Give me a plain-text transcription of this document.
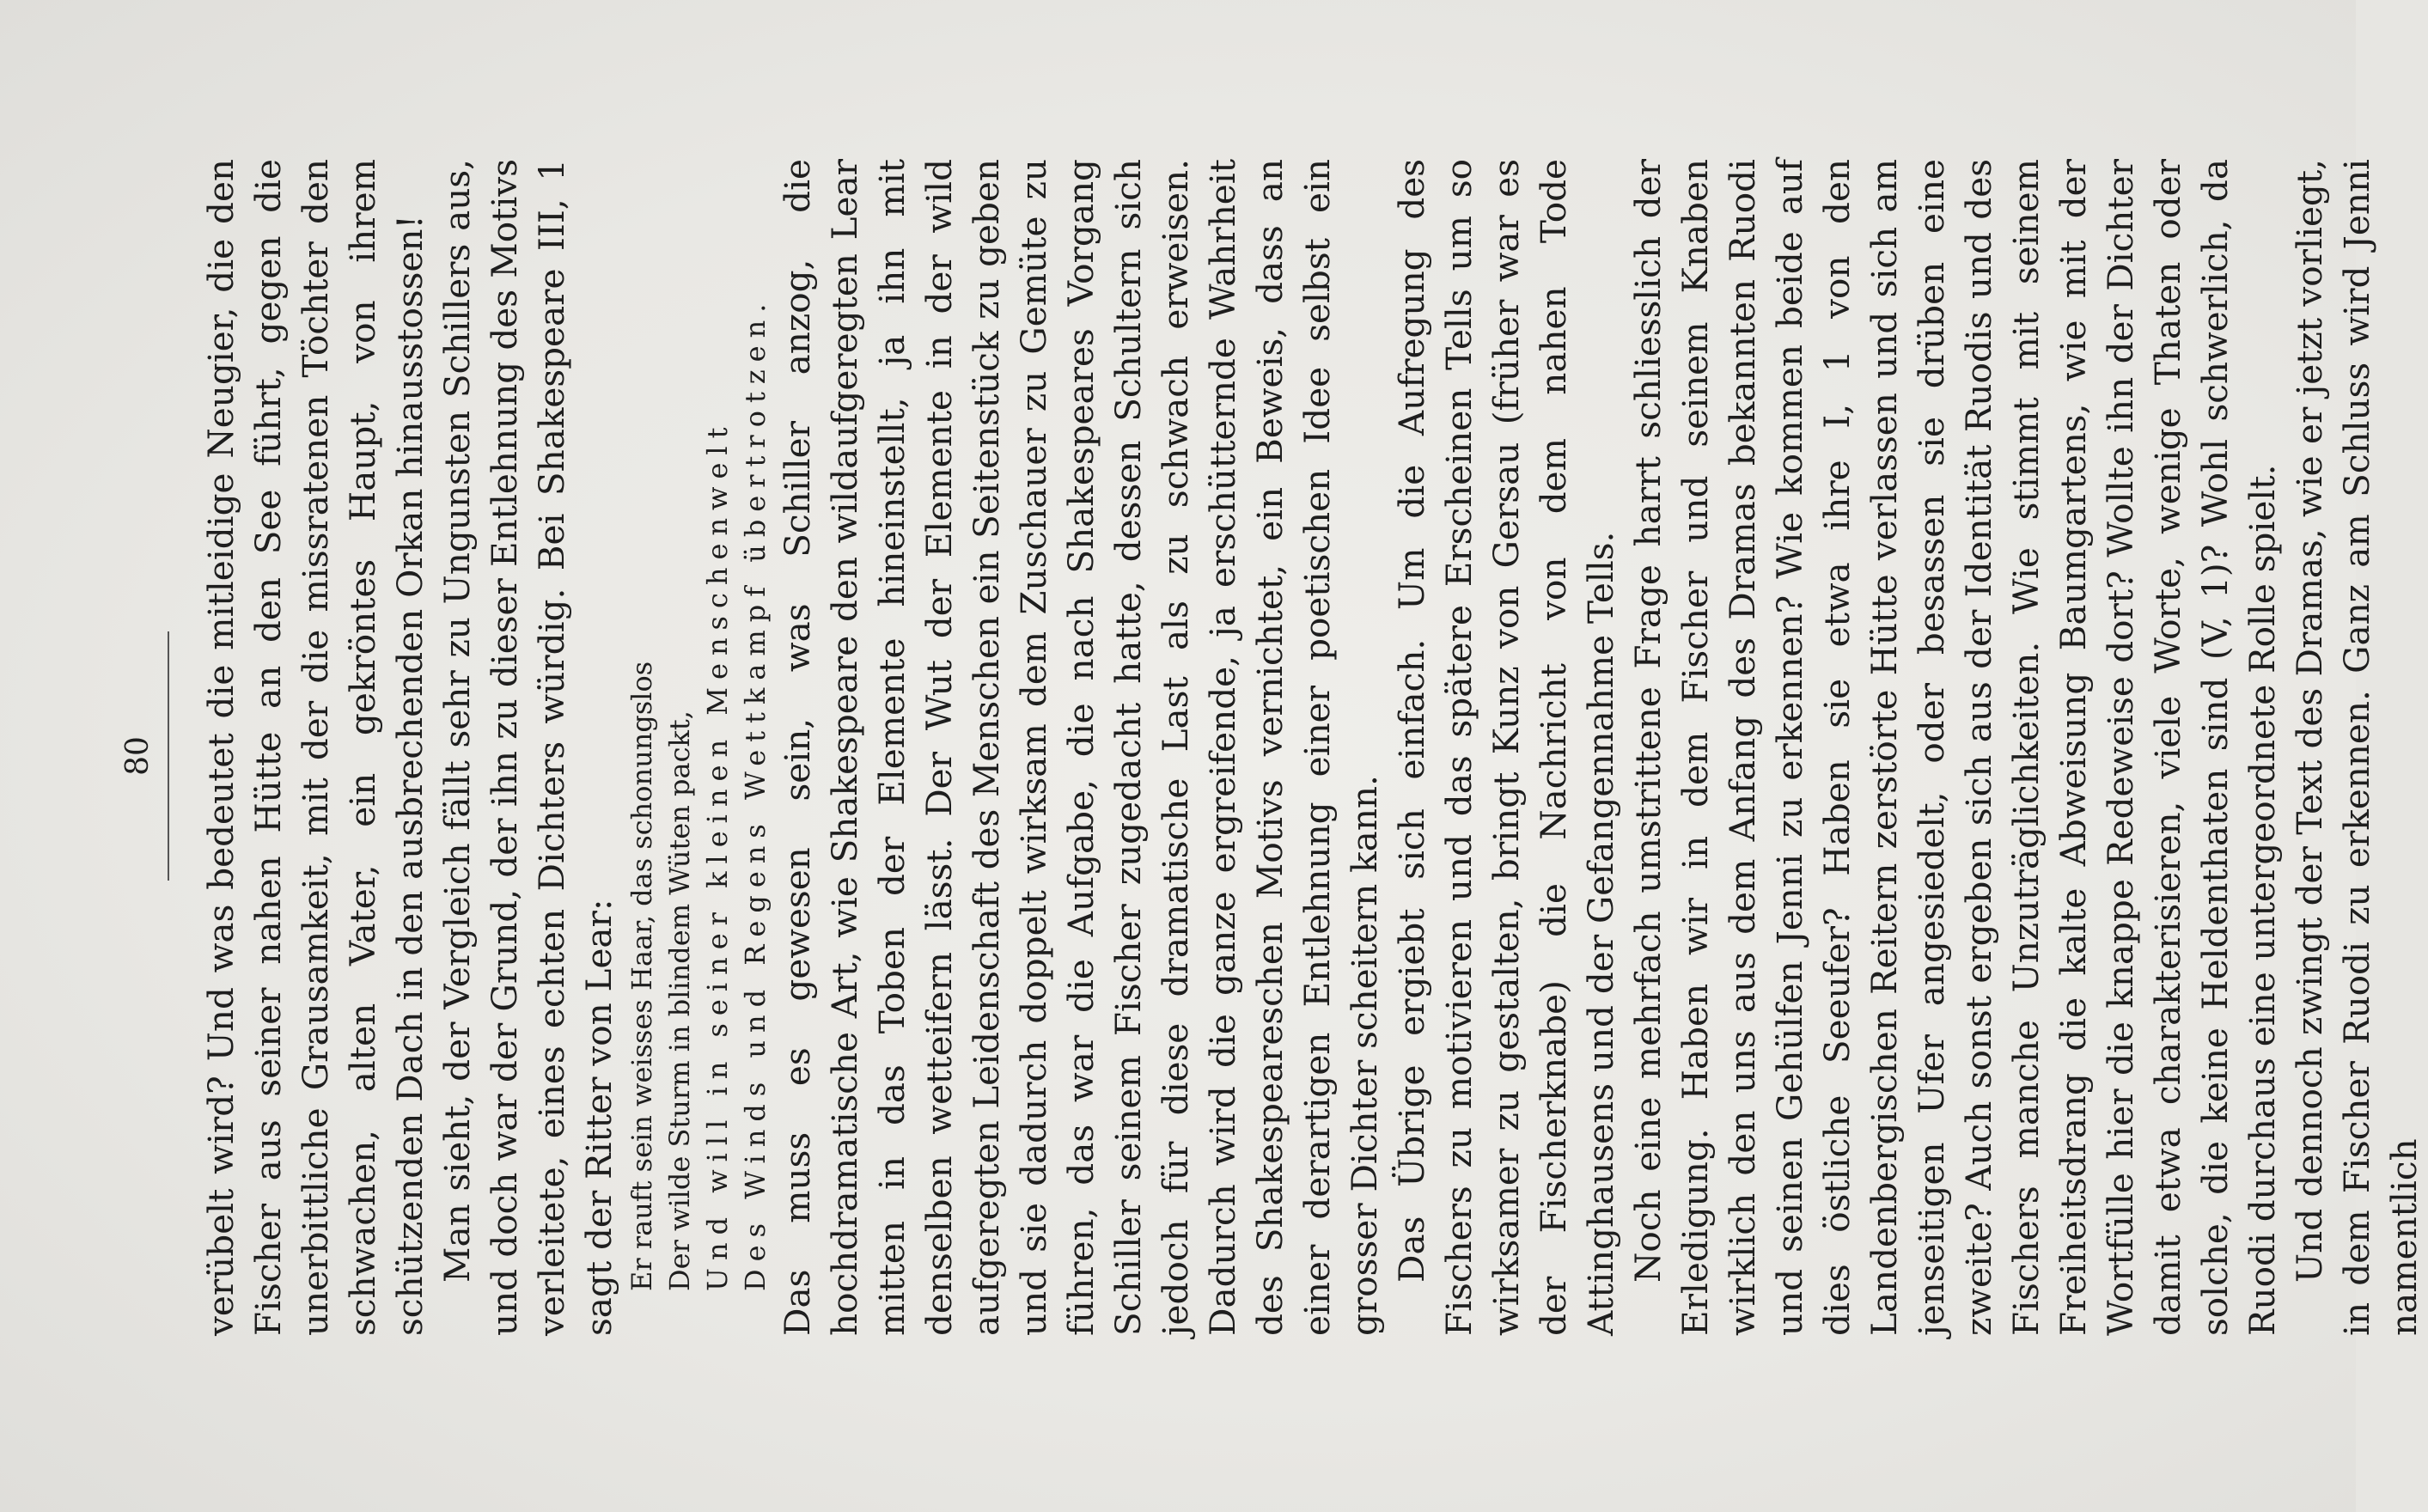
80 verübelt wird? Und was bedeutet die mitleidige Neugier, die den Fischer aus seiner nahen Hütte an den See führt, gegen die unerbittliche Grausamkeit, mit der die missratenen Töchter den schwachen, alten Vater, ein gekröntes Haupt, von ihrem schützenden Dach in den ausbrechenden Orkan hinausstossen! Man sieht, der Vergleich fällt sehr zu Ungunsten Schillers aus, und doch war der Grund, der ihn zu dieser Entlehnung des Motivs verleitete, eines echten Dichters würdig. Bei Shakespeare III, 1 sagt der Ritter von Lear: Er rauft sein weisses Haar, das schonungslos Der wilde Sturm in blindem Wüten packt, Und will in seiner kleinen Menschenwelt Des Winds und Regens Wettkampf übertrotzen. Das muss es gewesen sein, was Schiller anzog, die hochdramatische Art, wie Shakespeare den wildaufgeregten Lear mitten in das Toben der Elemente hineinstellt, ja ihn mit denselben wetteifern lässt. Der Wut der Elemente in der wild aufgeregten Leidenschaft des Menschen ein Seitenstück zu geben und sie dadurch doppelt wirksam dem Zuschauer zu Gemüte zu führen, das war die Aufgabe, die nach Shakespeares Vorgang Schiller seinem Fischer zugedacht hatte, dessen Schultern sich jedoch für diese dramatische Last als zu schwach erweisen. Dadurch wird die ganze ergreifende, ja erschütternde Wahrheit des Shakespeareschen Motivs vernichtet, ein Beweis, dass an einer derartigen Entlehnung einer poetischen Idee selbst ein grosser Dichter scheitern kann. Das Übrige ergiebt sich einfach. Um die Aufregung des Fischers zu motivieren und das spätere Erscheinen Tells um so wirksamer zu gestalten, bringt Kunz von Gersau (früher war es der Fischerknabe) die Nachricht von dem nahen Tode Attinghausens und der Gefangennahme Tells. Noch eine mehrfach umstrittene Frage harrt schliesslich der Erledigung. Haben wir in dem Fischer und seinem Knaben wirklich den uns aus dem Anfang des Dramas bekannten Ruodi und seinen Gehülfen Jenni zu erkennen? Wie kommen beide auf dies östliche Seeufer? Haben sie etwa ihre I, 1 von den Landenbergischen Reitern zerstörte Hütte verlassen und sich am jenseitigen Ufer angesiedelt, oder besassen sie drüben eine zweite? Auch sonst ergeben sich aus der Identität Ruodis und des Fischers manche Unzuträglichkeiten. Wie stimmt mit seinem Freiheitsdrang die kalte Abweisung Baumgartens, wie mit der Wortfülle hier die knappe Redeweise dort? Wollte ihn der Dichter damit etwa charakterisieren, viele Worte, wenige Thaten oder solche, die keine Heldenthaten sind (V, 1)? Wohl schwerlich, da Ruodi durchaus eine untergeordnete Rolle spielt. Und dennoch zwingt der Text des Dramas, wie er jetzt vorliegt, in dem Fischer Ruodi zu erkennen. Ganz am Schluss wird Jenni namentlich
